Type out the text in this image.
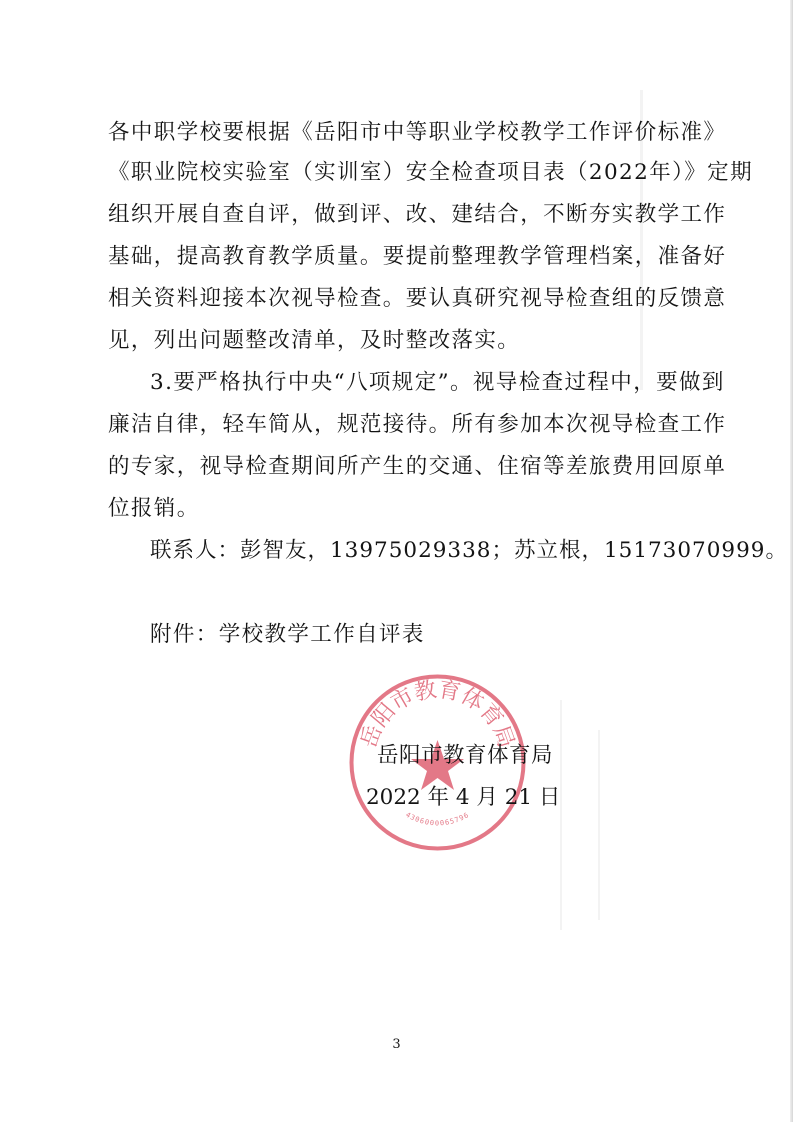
各中职学校要根据《岳阳市中等职业学校教学工作评价标准》
《职业院校实验室（实训室）安全检查项目表（2022年）》定期
组织开展自查自评，做到评、改、建结合，不断夯实教学工作
基础，提高教育教学质量。要提前整理教学管理档案，准备好
相关资料迎接本次视导检查。要认真研究视导检查组的反馈意
见，列出问题整改清单，及时整改落实。
3.要严格执行中央“八项规定”。视导检查过程中，要做到
廉洁自律，轻车简从，规范接待。所有参加本次视导检查工作
的专家，视导检查期间所产生的交通、住宿等差旅费用回原单
位报销。
联系人：彭智友，13975029338；苏立根，15173070999。
附件：学校教学工作自评表
岳阳市教育体育局
4306000065796
岳阳市教育体育局
2022 年 4 月 21 日
3
